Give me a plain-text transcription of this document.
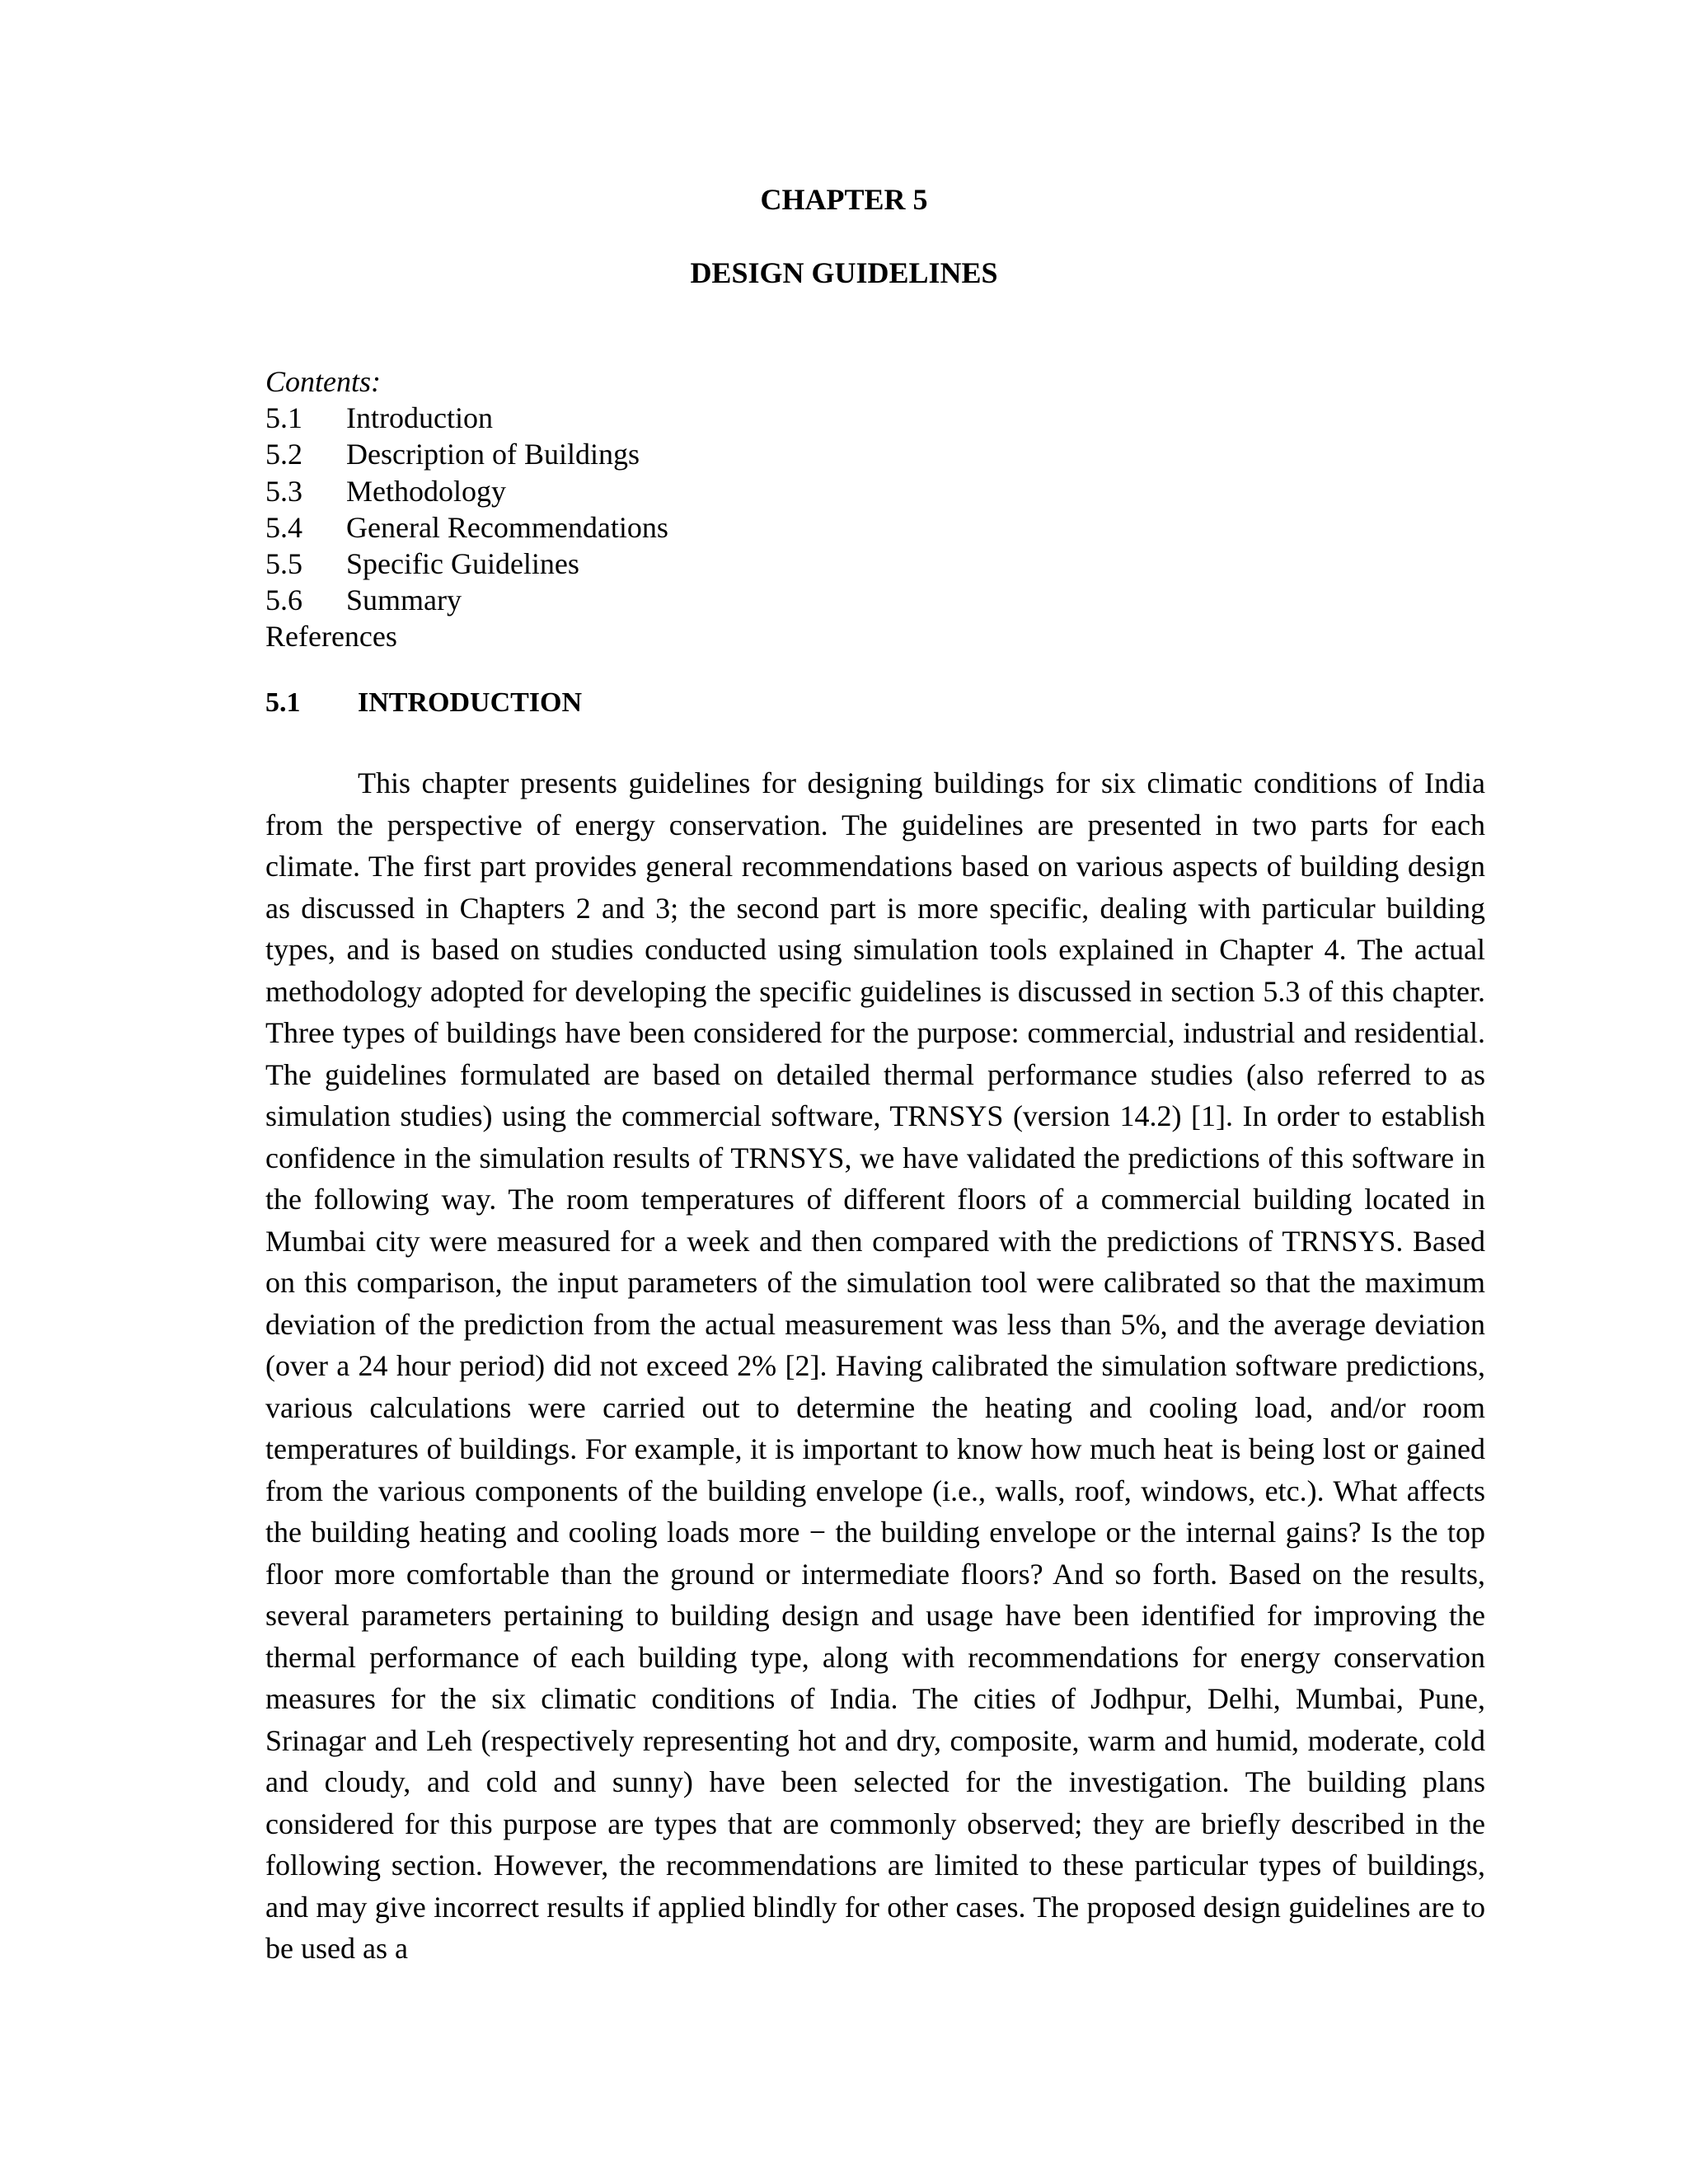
CHAPTER 5
DESIGN GUIDELINES

Contents:

5.1	Introduction
5.2	Description of Buildings
5.3	Methodology
5.4	General Recommendations
5.5	Specific Guidelines
5.6	Summary
References
5.1	INTRODUCTION

This chapter presents guidelines for designing buildings for six climatic conditions of India from the perspective of energy conservation. The guidelines are presented in two parts for each climate. The first part provides general recommendations based on various aspects of building design as discussed in Chapters 2 and 3; the second part is more specific, dealing with particular building types, and is based on studies conducted using simulation tools explained in Chapter 4. The actual methodology adopted for developing the specific guidelines is discussed in section 5.3 of this chapter. Three types of buildings have been considered for the purpose: commercial, industrial and residential. The guidelines formulated are based on detailed thermal performance studies (also referred to as simulation studies) using the commercial software, TRNSYS (version 14.2) [1]. In order to establish confidence in the simulation results of TRNSYS, we have validated the predictions of this software in the following way. The room temperatures of different floors of a commercial building located in Mumbai city were measured for a week and then compared with the predictions of TRNSYS. Based on this comparison, the input parameters of the simulation tool were calibrated so that the maximum deviation of the prediction from the actual measurement was less than 5%, and the average deviation (over a 24 hour period) did not exceed 2% [2]. Having calibrated the simulation software predictions, various calculations were carried out to determine the heating and cooling load, and/or room temperatures of buildings. For example, it is important to know how much heat is being lost or gained from the various components of the building envelope (i.e., walls, roof, windows, etc.). What affects the building heating and cooling loads more − the building envelope or the internal gains? Is the top floor more comfortable than the ground or intermediate floors? And so forth. Based on the results, several parameters pertaining to building design and usage have been identified for improving the thermal performance of each building type, along with recommendations for energy conservation measures for the six climatic conditions of India. The cities of Jodhpur, Delhi, Mumbai, Pune, Srinagar and Leh (respectively representing hot and dry, composite, warm and humid, moderate, cold and cloudy, and cold and sunny) have been selected for the investigation. The building plans considered for this purpose are types that are commonly observed; they are briefly described in the following section. However, the recommendations are limited to these particular types of buildings, and may give incorrect results if applied blindly for other cases. The proposed design guidelines are to be used as a
